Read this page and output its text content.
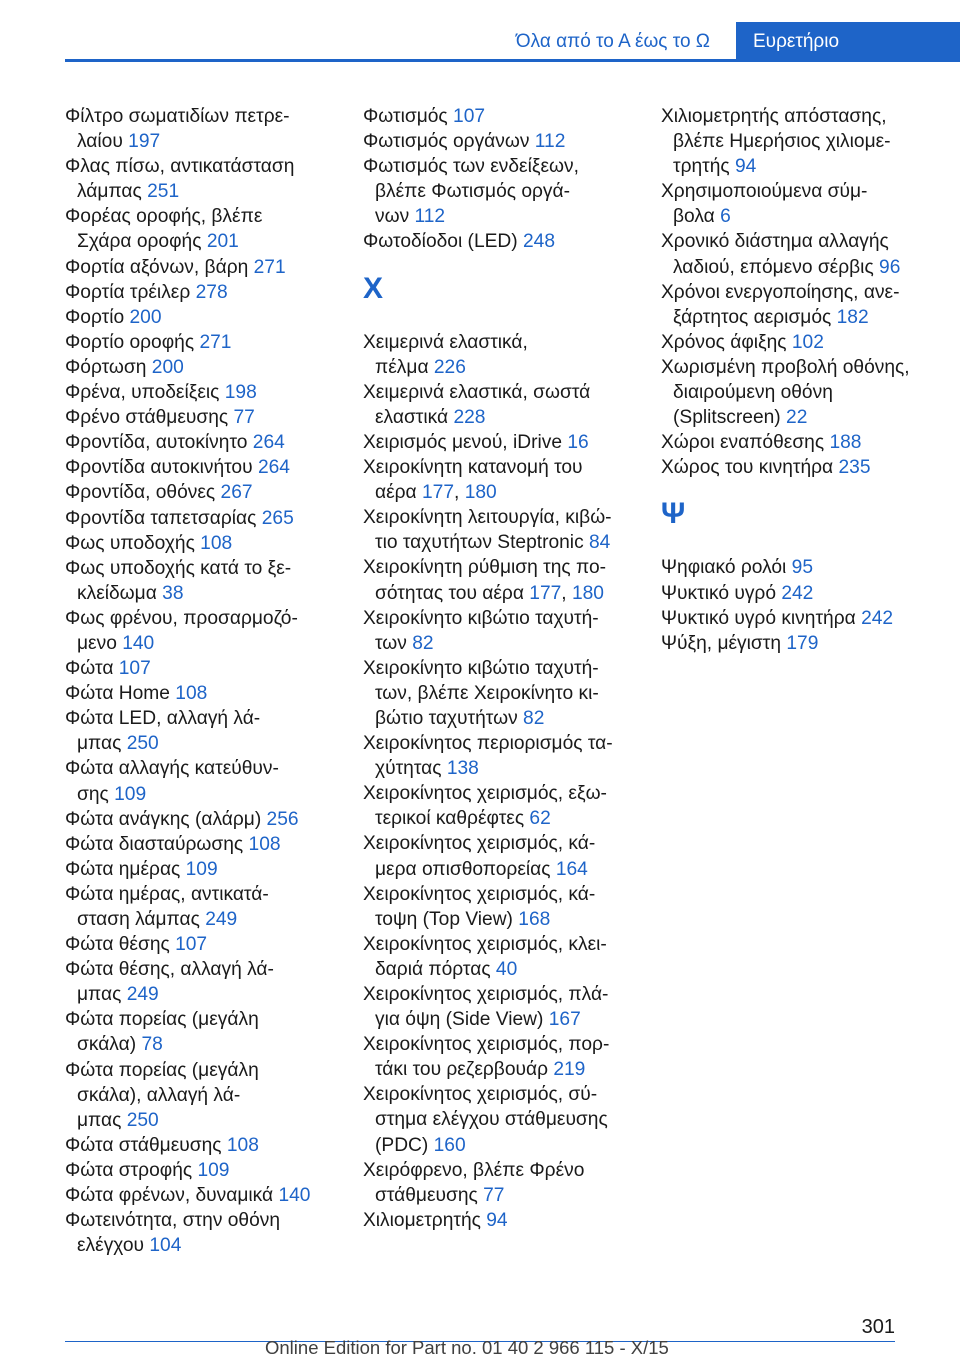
Όλα από το Α έως το Ω	Ευρετήριο
Φίλτρο σωματιδίων πετρε-
λαίου 197
Φλας πίσω, αντικατάσταση
λάμπας 251
Φορέας οροφής, βλέπε
Σχάρα οροφής 201
Φορτία αξόνων, βάρη 271
Φορτία τρέιλερ 278
Φορτίο 200
Φορτίο οροφής 271
Φόρτωση 200
Φρένα, υποδείξεις 198
Φρένο στάθμευσης 77
Φροντίδα, αυτοκίνητο 264
Φροντίδα αυτοκινήτου 264
Φροντίδα, οθόνες 267
Φροντίδα ταπετσαρίας 265
Φως υποδοχής 108
Φως υποδοχής κατά το ξε-
κλείδωμα 38
Φως φρένου, προσαρμοζό-
μενο 140
Φώτα 107
Φώτα Home 108
Φώτα LED, αλλαγή λά-
μπας 250
Φώτα αλλαγής κατεύθυν-
σης 109
Φώτα ανάγκης (αλάρμ) 256
Φώτα διασταύρωσης 108
Φώτα ημέρας 109
Φώτα ημέρας, αντικατά-
σταση λάμπας 249
Φώτα θέσης 107
Φώτα θέσης, αλλαγή λά-
μπας 249
Φώτα πορείας (μεγάλη
σκάλα) 78
Φώτα πορείας (μεγάλη
σκάλα), αλλαγή λά-
μπας 250
Φώτα στάθμευσης 108
Φώτα στροφής 109
Φώτα φρένων, δυναμικά 140
Φωτεινότητα, στην οθόνη
ελέγχου 104
Φωτισμός 107
Φωτισμός οργάνων 112
Φωτισμός των ενδείξεων,
βλέπε Φωτισμός οργά-
νων 112
Φωτοδίοδοι (LED) 248
Χ
Χειμερινά ελαστικά,
πέλμα 226
Χειμερινά ελαστικά, σωστά
ελαστικά 228
Χειρισμός μενού, iDrive 16
Χειροκίνητη κατανομή του
αέρα 177, 180
Χειροκίνητη λειτουργία, κιβώ-
τιο ταχυτήτων Steptronic 84
Χειροκίνητη ρύθμιση της πο-
σότητας του αέρα 177, 180
Χειροκίνητο κιβώτιο ταχυτή-
των 82
Χειροκίνητο κιβώτιο ταχυτή-
των, βλέπε Χειροκίνητο κι-
βώτιο ταχυτήτων 82
Χειροκίνητος περιορισμός τα-
χύτητας 138
Χειροκίνητος χειρισμός, εξω-
τερικοί καθρέφτες 62
Χειροκίνητος χειρισμός, κά-
μερα οπισθοπορείας 164
Χειροκίνητος χειρισμός, κά-
τοψη (Top View) 168
Χειροκίνητος χειρισμός, κλει-
δαριά πόρτας 40
Χειροκίνητος χειρισμός, πλά-
για όψη (Side View) 167
Χειροκίνητος χειρισμός, πορ-
τάκι του ρεζερβουάρ 219
Χειροκίνητος χειρισμός, σύ-
στημα ελέγχου στάθμευσης
(PDC) 160
Χειρόφρενο, βλέπε Φρένο
στάθμευσης 77
Χιλιομετρητής 94
Χιλιομετρητής απόστασης,
βλέπε Ημερήσιος χιλιομε-
τρητής 94
Χρησιμοποιούμενα σύμ-
βολα 6
Χρονικό διάστημα αλλαγής
λαδιού, επόμενο σέρβις 96
Χρόνοι ενεργοποίησης, ανε-
ξάρτητος αερισμός 182
Χρόνος άφιξης 102
Χωρισμένη προβολή οθόνης,
διαιρούμενη οθόνη
(Splitscreen) 22
Χώροι εναπόθεσης 188
Χώρος του κινητήρα 235
Ψ
Ψηφιακό ρολόι 95
Ψυκτικό υγρό 242
Ψυκτικό υγρό κινητήρα 242
Ψύξη, μέγιστη 179
301
Online Edition for Part no. 01 40 2 966 115 - X/15
